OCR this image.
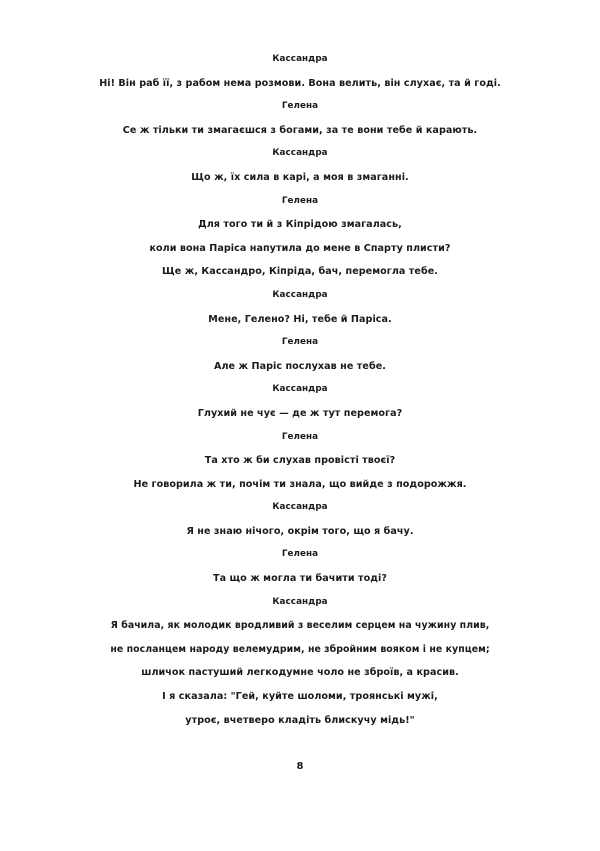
Кассандра
Ні! Він раб її, з рабом нема розмови. Вона велить, він слухає, та й годі.
Гелена
Се ж тільки ти змагаєшся з богами, за те вони тебе й карають.
Кассандра
Що ж, їх сила в карі, а моя в змаганні.
Гелена
Для того ти й з Кіпрідою змагалась,
коли вона Паріса напутила до мене в Спарту плисти?
Ще ж, Кассандро, Кіпріда, бач, перемогла тебе.
Кассандра
Мене, Гелено? Ні, тебе й Паріса.
Гелена
Але ж Паріс послухав не тебе.
Кассандра
Глухий не чує — де ж тут перемога?
Гелена
Та хто ж би слухав провісті твоєї?
Не говорила ж ти, почім ти знала, що вийде з подорожжя.
Кассандра
Я не знаю нічого, окрім того, що я бачу.
Гелена
Та що ж могла ти бачити тоді?
Кассандра
Я бачила, як молодик вродливий з веселим серцем на чужину плив,
не посланцем народу велемудрим, не збройним вояком і не купцем;
шличок пастуший легкодумне чоло не зброїв, а красив.
І я сказала: "Гей, куйте шоломи, троянські мужі,
утроє, вчетверо кладіть блискучу мідь!"
8
